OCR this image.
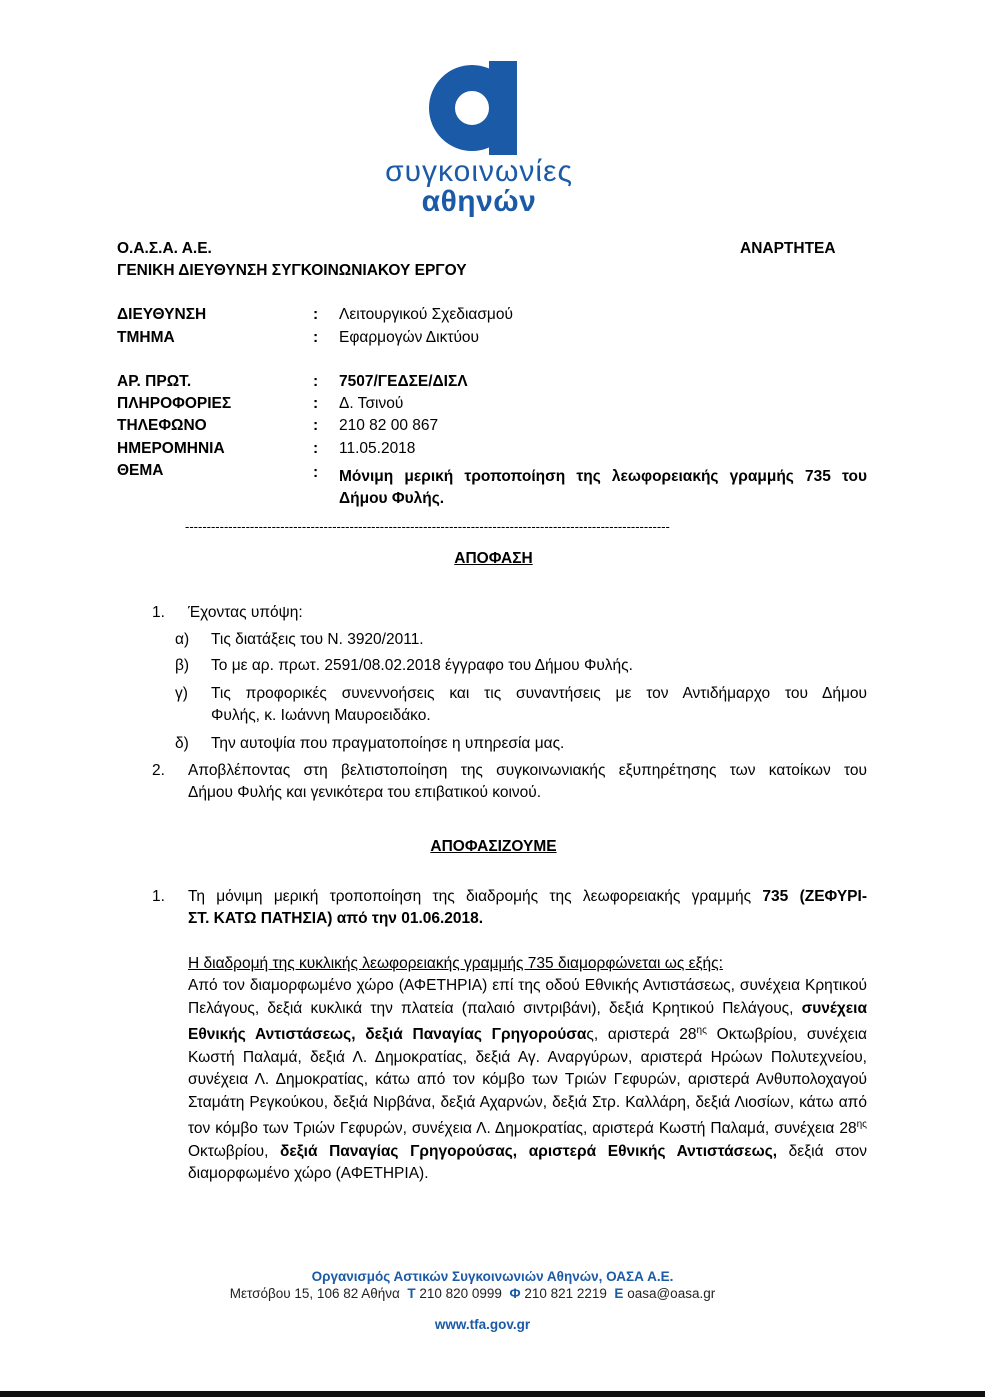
συγκοινωνίες
αθηνών
Ο.Α.Σ.Α. Α.Ε.
ΓΕΝΙΚΗ ΔΙΕΥΘΥΝΣΗ ΣΥΓΚΟΙΝΩΝΙΑΚΟΥ ΕΡΓΟΥ
ΑΝΑΡΤΗΤΕΑ
ΔΙΕΥΘΥΝΣΗ	: Λειτουργικού Σχεδιασμού
ΤΜΗΜΑ	: Εφαρμογών Δικτύου
ΑΡ. ΠΡΩΤ.	: 7507/ΓΕΔΣΕ/ΔΙΣΛ
ΠΛΗΡΟΦΟΡΙΕΣ	: Δ. Τσινού
ΤΗΛΕΦΩΝΟ	: 210 82 00 867
ΗΜΕΡΟΜΗΝΙΑ	: 11.05.2018
ΘΕΜΑ	: Μόνιμη μερική τροποποίηση της λεωφορειακής γραμμής 735 του
Δήμου Φυλής.
----------------------------------------------------------------------------------------------------------------
ΑΠΟΦΑΣΗ
1. Έχοντας υπόψη:
α) Τις διατάξεις του Ν. 3920/2011.
β) Το με αρ. πρωτ. 2591/08.02.2018 έγγραφο του Δήμου Φυλής.
γ) Τις προφορικές συνεννοήσεις και τις συναντήσεις με τον Αντιδήμαρχο του Δήμου
Φυλής, κ. Ιωάννη Μαυροειδάκο.
δ) Την αυτοψία που πραγματοποίησε η υπηρεσία μας.
2. Αποβλέποντας στη βελτιστοποίηση της συγκοινωνιακής εξυπηρέτησης των κατοίκων του
Δήμου Φυλής και γενικότερα του επιβατικού κοινού.
ΑΠΟΦΑΣΙΖΟΥΜΕ
1. Τη μόνιμη μερική τροποποίηση της διαδρομής της λεωφορειακής γραμμής 735 (ΖΕΦΥΡΙ-
ΣΤ. ΚΑΤΩ ΠΑΤΗΣΙΑ) από την 01.06.2018.
Η διαδρομή της κυκλικής λεωφορειακής γραμμής 735 διαμορφώνεται ως εξής:
Από τον διαμορφωμένο χώρο (ΑΦΕΤΗΡΙΑ) επί της οδού Εθνικής Αντιστάσεως, συνέχεια Κρητικού Πελάγους, δεξιά κυκλικά την πλατεία (παλαιό σιντριβάνι), δεξιά Κρητικού Πελάγους, συνέχεια Εθνικής Αντιστάσεως, δεξιά Παναγίας Γρηγορούσας, αριστερά $28^{\eta\varsigma}$ Οκτωβρίου, συνέχεια Κωστή Παλαμά, δεξιά Λ. Δημοκρατίας, δεξιά Αγ. Αναργύρων, αριστερά Ηρώων Πολυτεχνείου, συνέχεια Λ. Δημοκρατίας, κάτω από τον κόμβο των Τριών Γεφυρών, αριστερά Ανθυπολοχαγού Σταμάτη Ρεγκούκου, δεξιά Νιρβάνα, δεξιά Αχαρνών, δεξιά Στρ. Καλλάρη, δεξιά Λιοσίων, κάτω από τον κόμβο των Τριών Γεφυρών, συνέχεια Λ. Δημοκρατίας, αριστερά Κωστή Παλαμά, συνέχεια $28^{\eta\varsigma}$ Οκτωβρίου, δεξιά Παναγίας Γρηγορούσας, αριστερά Εθνικής Αντιστάσεως, δεξιά στον διαμορφωμένο χώρο (ΑΦΕΤΗΡΙΑ).
Οργανισμός Αστικών Συγκοινωνιών Αθηνών, ΟΑΣΑ Α.Ε.
Μετσόβου 15, 106 82 Αθήνα T 210 820 0999 Φ 210 821 2219 E oasa@oasa.gr
www.tfa.gov.gr
